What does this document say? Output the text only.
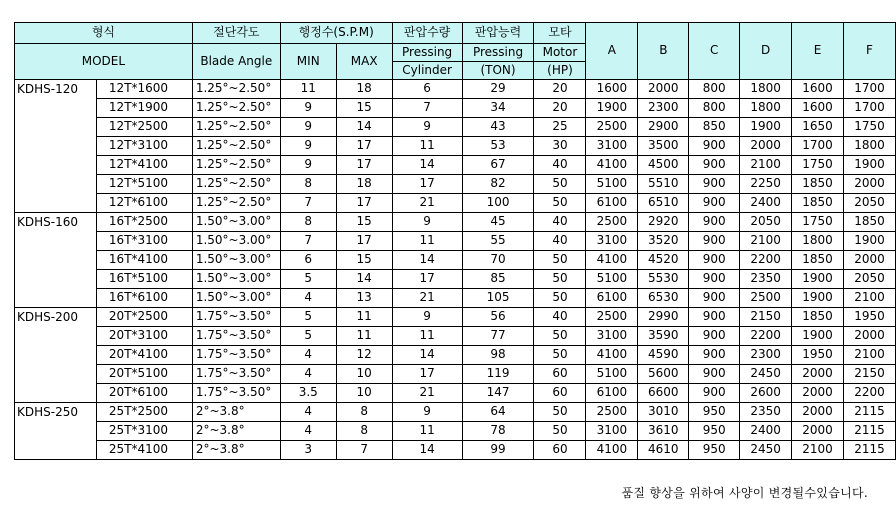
형식		절단각도	행정수(S.P.M)		판압수량	판압능력	모타	A	B	C	D	E	F
MODEL		Blade Angle	MIN	MAX	Pressing	Pressing	Motor						
					Cylinder	(TON)	(HP)						
KDHS-120	12T*1600	1.25°~2.50°	11	18	6	29	20	1600	2000	800	1800	1600	1700
	12T*1900	1.25°~2.50°	9	15	7	34	20	1900	2300	800	1800	1600	1700
	12T*2500	1.25°~2.50°	9	14	9	43	25	2500	2900	850	1900	1650	1750
	12T*3100	1.25°~2.50°	9	17	11	53	30	3100	3500	900	2000	1700	1800
	12T*4100	1.25°~2.50°	9	17	14	67	40	4100	4500	900	2100	1750	1900
	12T*5100	1.25°~2.50°	8	18	17	82	50	5100	5510	900	2250	1850	2000
	12T*6100	1.25°~2.50°	7	17	21	100	50	6100	6510	900	2400	1850	2050
KDHS-160	16T*2500	1.50°~3.00°	8	15	9	45	40	2500	2920	900	2050	1750	1850
	16T*3100	1.50°~3.00°	7	17	11	55	40	3100	3520	900	2100	1800	1900
	16T*4100	1.50°~3.00°	6	15	14	70	50	4100	4520	900	2200	1850	2000
	16T*5100	1.50°~3.00°	5	14	17	85	50	5100	5530	900	2350	1900	2050
	16T*6100	1.50°~3.00°	4	13	21	105	50	6100	6530	900	2500	1900	2100
KDHS-200	20T*2500	1.75°~3.50°	5	11	9	56	40	2500	2990	900	2150	1850	1950
	20T*3100	1.75°~3.50°	5	11	11	77	50	3100	3590	900	2200	1900	2000
	20T*4100	1.75°~3.50°	4	12	14	98	50	4100	4590	900	2300	1950	2100
	20T*5100	1.75°~3.50°	4	10	17	119	60	5100	5600	900	2450	2000	2150
	20T*6100	1.75°~3.50°	3.5	10	21	147	60	6100	6600	900	2600	2000	2200
KDHS-250	25T*2500	2°~3.8°	4	8	9	64	50	2500	3010	950	2350	2000	2115
	25T*3100	2°~3.8°	4	8	11	78	50	3100	3610	950	2400	2000	2115
	25T*4100	2°~3.8°	3	7	14	99	60	4100	4610	950	2450	2100	2115
품질 향상을 위하여 사양이 변경될수있습니다.
